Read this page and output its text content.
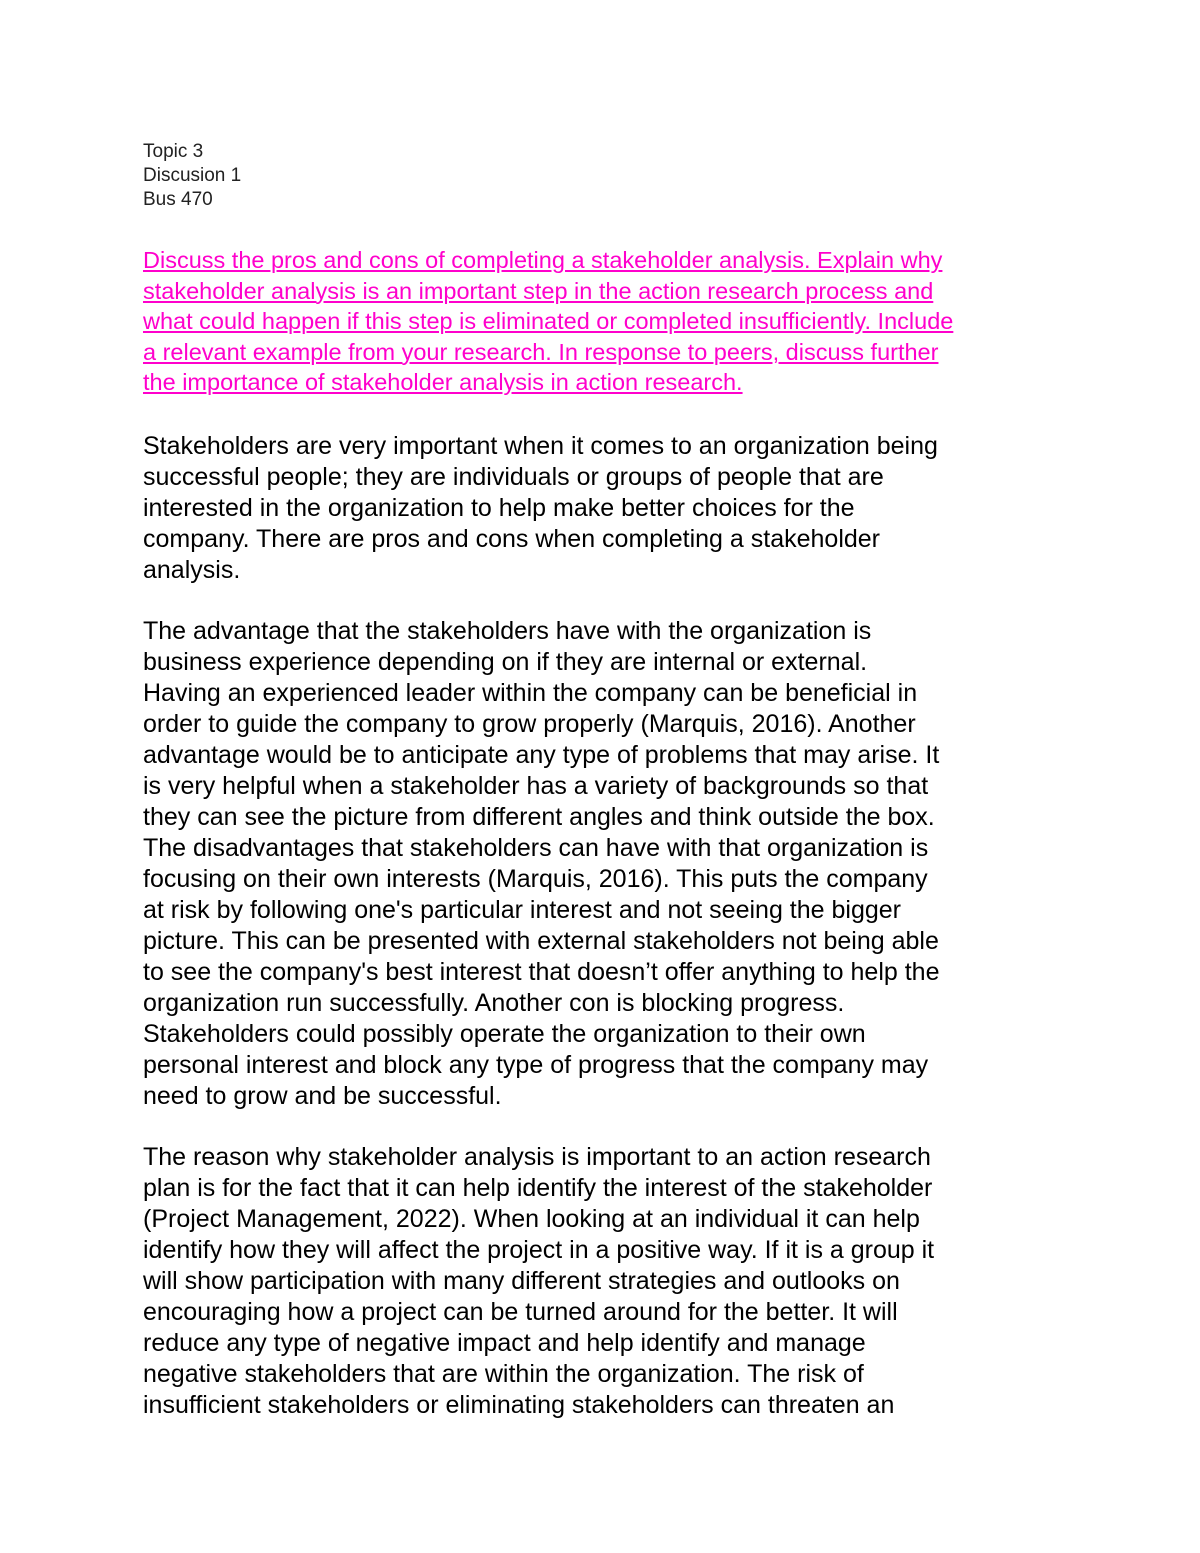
Topic 3
Discusion 1
Bus 470
Discuss the pros and cons of completing a stakeholder analysis. Explain why
stakeholder analysis is an important step in the action research process and
what could happen if this step is eliminated or completed insufficiently. Include
a relevant example from your research. In response to peers, discuss further
the importance of stakeholder analysis in action research.

Stakeholders are very important when it comes to an organization being
successful people; they are individuals or groups of people that are
interested in the organization to help make better choices for the
company. There are pros and cons when completing a stakeholder
analysis.

The advantage that the stakeholders have with the organization is
business experience depending on if they are internal or external.
Having an experienced leader within the company can be beneficial in
order to guide the company to grow properly (Marquis, 2016). Another
advantage would be to anticipate any type of problems that may arise. It
is very helpful when a stakeholder has a variety of backgrounds so that
they can see the picture from different angles and think outside the box.
The disadvantages that stakeholders can have with that organization is
focusing on their own interests (Marquis, 2016). This puts the company
at risk by following one's particular interest and not seeing the bigger
picture. This can be presented with external stakeholders not being able
to see the company's best interest that doesn’t offer anything to help the
organization run successfully. Another con is blocking progress.
Stakeholders could possibly operate the organization to their own
personal interest and block any type of progress that the company may
need to grow and be successful.

The reason why stakeholder analysis is important to an action research
plan is for the fact that it can help identify the interest of the stakeholder
(Project Management, 2022). When looking at an individual it can help
identify how they will affect the project in a positive way. If it is a group it
will show participation with many different strategies and outlooks on
encouraging how a project can be turned around for the better. It will
reduce any type of negative impact and help identify and manage
negative stakeholders that are within the organization. The risk of
insufficient stakeholders or eliminating stakeholders can threaten an
